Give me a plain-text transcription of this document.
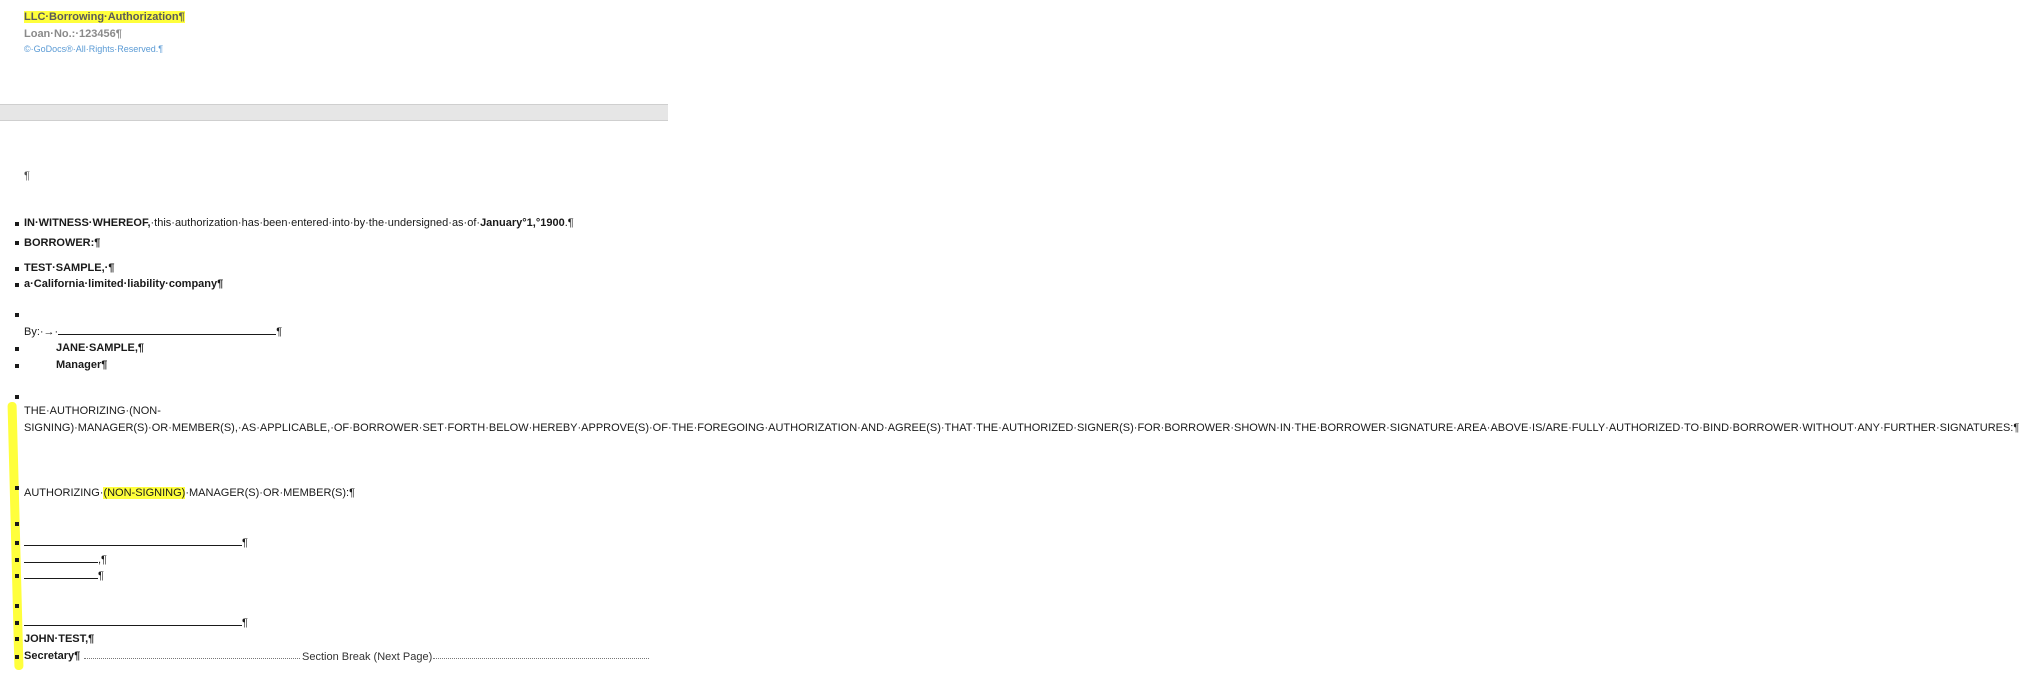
LLC·Borrowing·Authorization¶
Loan·No.:·123456¶
©·GoDocs®·All·Rights·Reserved.¶
¶
IN·WITNESS·WHEREOF,·this·authorization·has·been·entered·into·by·the·undersigned·as·of·January°1,°1900.¶
BORROWER:¶
TEST·SAMPLE,·¶
a·California·limited·liability·company¶
By:·→·	¶
JANE·SAMPLE,¶
Manager¶
THE·AUTHORIZING·(NON-SIGNING)·MANAGER(S)·OR·MEMBER(S),·AS·APPLICABLE,·OF·BORROWER·SET·FORTH·BELOW·HEREBY·APPROVE(S)·OF·THE·FOREGOING·AUTHORIZATION·AND·AGREE(S)·THAT·THE·AUTHORIZED·SIGNER(S)·FOR·BORROWER·SHOWN·IN·THE·BORROWER·SIGNATURE·AREA·ABOVE·IS/ARE·FULLY·AUTHORIZED·TO·BIND·BORROWER·WITHOUT·ANY·FURTHER·SIGNATURES:¶
AUTHORIZING·(NON-SIGNING)·MANAGER(S)·OR·MEMBER(S):¶
¶
,¶
¶
¶
JOHN·TEST,¶
Secretary¶	Section Break (Next Page)
